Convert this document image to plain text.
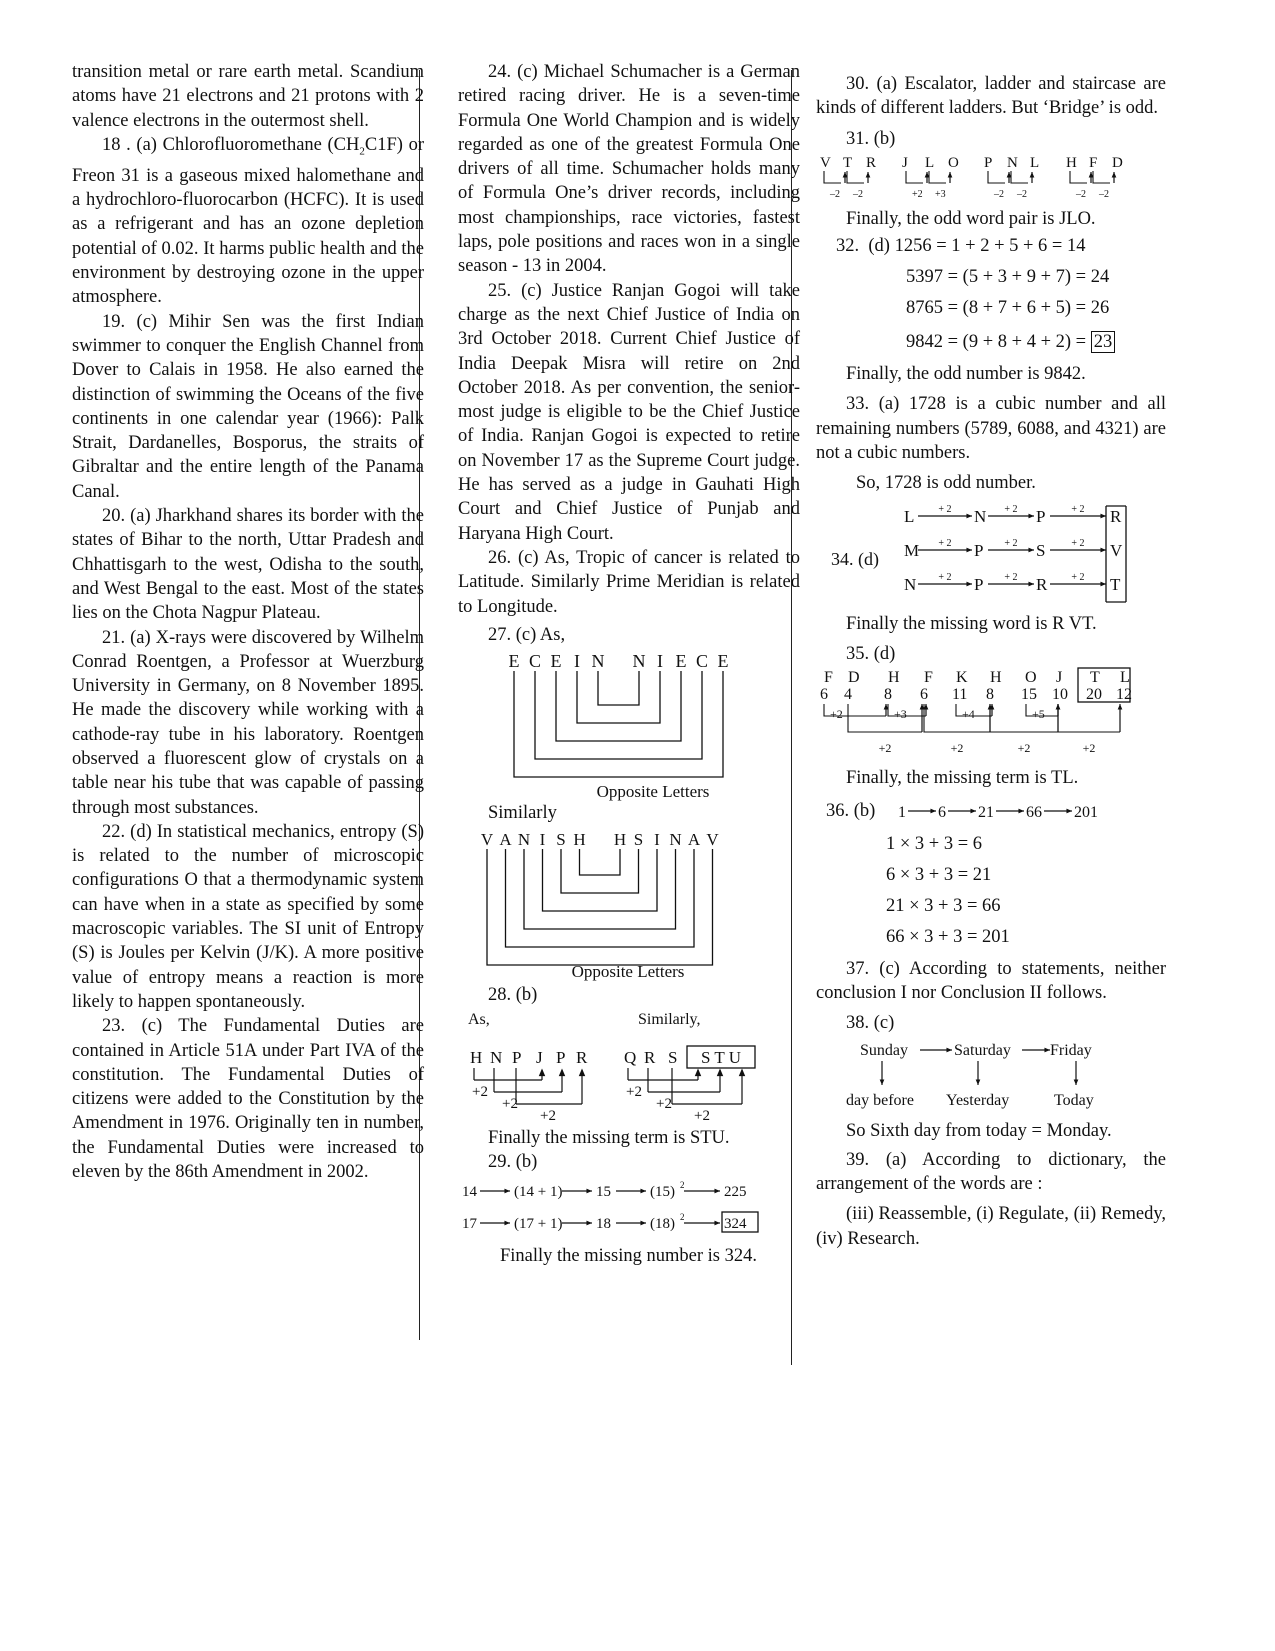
transition metal or rare earth metal. Scandium atoms have 21 electrons and 21 protons with 2 valence electrons in the outermost shell.

18 . (a) Chlorofluoromethane $(CH_2C1F)$ or Freon 31 is a gaseous mixed halomethane and a hydrochloro-fluorocarbon (HCFC). It is used as a refrigerant and has an ozone depletion potential of 0.02. It harms public health and the environment by destroying ozone in the upper atmosphere.

19. (c) Mihir Sen was the first Indian swimmer to conquer the English Channel from Dover to Calais in 1958. He also earned the distinction of swimming the Oceans of the five continents in one calendar year (1966): Palk Strait, Dardanelles, Bosporus, the straits of Gibraltar and the entire length of the Panama Canal.

20. (a) Jharkhand shares its border with the states of Bihar to the north, Uttar Pradesh and Chhattisgarh to the west, Odisha to the south, and West Bengal to the east. Most of the states lies on the Chota Nagpur Plateau.

21. (a) X-rays were discovered by Wilhelm Conrad Roentgen, a Professor at Wuerzburg University in Germany, on 8 November 1895. He made the discovery while working with a cathode-ray tube in his laboratory. Roentgen observed a fluorescent glow of crystals on a table near his tube that was capable of passing through most substances.

22. (d) In statistical mechanics, entropy (S) is related to the number of microscopic configurations O that a thermodynamic system can have when in a state as specified by some macroscopic variables. The SI unit of Entropy (S) is Joules per Kelvin (J/K). A more positive value of entropy means a reaction is more likely to happen spontaneously.

23. (c) The Fundamental Duties are contained in Article 51A under Part IVA of the constitution. The Fundamental Duties of citizens were added to the Constitution by the Amendment in 1976. Originally ten in number, the Fundamental Duties were increased to eleven by the 86th Amendment in 2002.

24. (c) Michael Schumacher is a German retired racing driver. He is a seven-time Formula One World Champion and is widely regarded as one of the greatest Formula One drivers of all time. Schumacher holds many of Formula One’s driver records, including most championships, race victories, fastest laps, pole positions and races won in a single season - 13 in 2004.

25. (c) Justice Ranjan Gogoi will take charge as the next Chief Justice of India on 3rd October 2018. Current Chief Justice of India Deepak Misra will retire on 2nd October 2018. As per convention, the senior-most judge is eligible to be the Chief Justice of India. Ranjan Gogoi is expected to retire on November 17 as the Supreme Court judge. He has served as a judge in Gauhati High Court and Chief Justice of Punjab and Haryana High Court.

26. (c) As, Tropic of cancer is related to Latitude. Similarly Prime Meridian is related to Longitude.

27. (c) As,

E C E I N N I E C E
Opposite Letters

Similarly

V A N I S H H S I N A V
Opposite Letters

28. (b)

As,	Similarly,
H N P J P R Q R S S T U
+2
+2
+2
+2
+2
+2

Finally the missing term is STU.

29. (b)

14 (14 + 1) 15	(15) 2	225
17 (17 + 1) 18	(18) 2	324

Finally the missing number is 324.

30. (a) Escalator, ladder and staircase are kinds of different ladders. But ‘Bridge’ is odd.

31. (b)

V T R
–2 –2
J L O
+2 +3
P N L
–2 –2
H F D
–2 –2

Finally, the odd word pair is JLO.

32.  (d) 1256 = 1 + 2 + 5 + 6 = 14
5397 = (5 + 3 + 9 + 7) = 24
8765 = (8 + 7 + 6 + 5) = 26
9842 = (9 + 8 + 4 + 2) = 23

Finally, the odd number is 9842.

33. (a) 1728 is a cubic number and all remaining numbers (5789, 6088, and 4321) are not a cubic numbers.

So, 1728 is odd number.

34. (d)
L	N	P	R
+ 2	+ 2	+ 2
M	P	S	V
+ 2	+ 2	+ 2
N	P	R	T
+ 2	+ 2	+ 2

Finally the missing word is R VT.

35. (d)

F D H F K H O J T L
6 4 8 6 11 8 15 10 20 12
+2	+3	+4	+5
+2	+2	+2	+2

Finally, the missing term is TL.

36. (b) 1 6 21 66 201
1 × 3 + 3 = 6
6 × 3 + 3 = 21
21 × 3 + 3 = 66
66 × 3 + 3 = 201

37. (c) According to statements, neither conclusion I nor Conclusion II follows.

38. (c)

Sunday	Saturday Friday
day before Yesterday	Today

So Sixth day from today = Monday.

39. (a) According to dictionary, the arrangement of the words are :

(iii) Reassemble, (i) Regulate, (ii) Remedy, (iv) Research.
